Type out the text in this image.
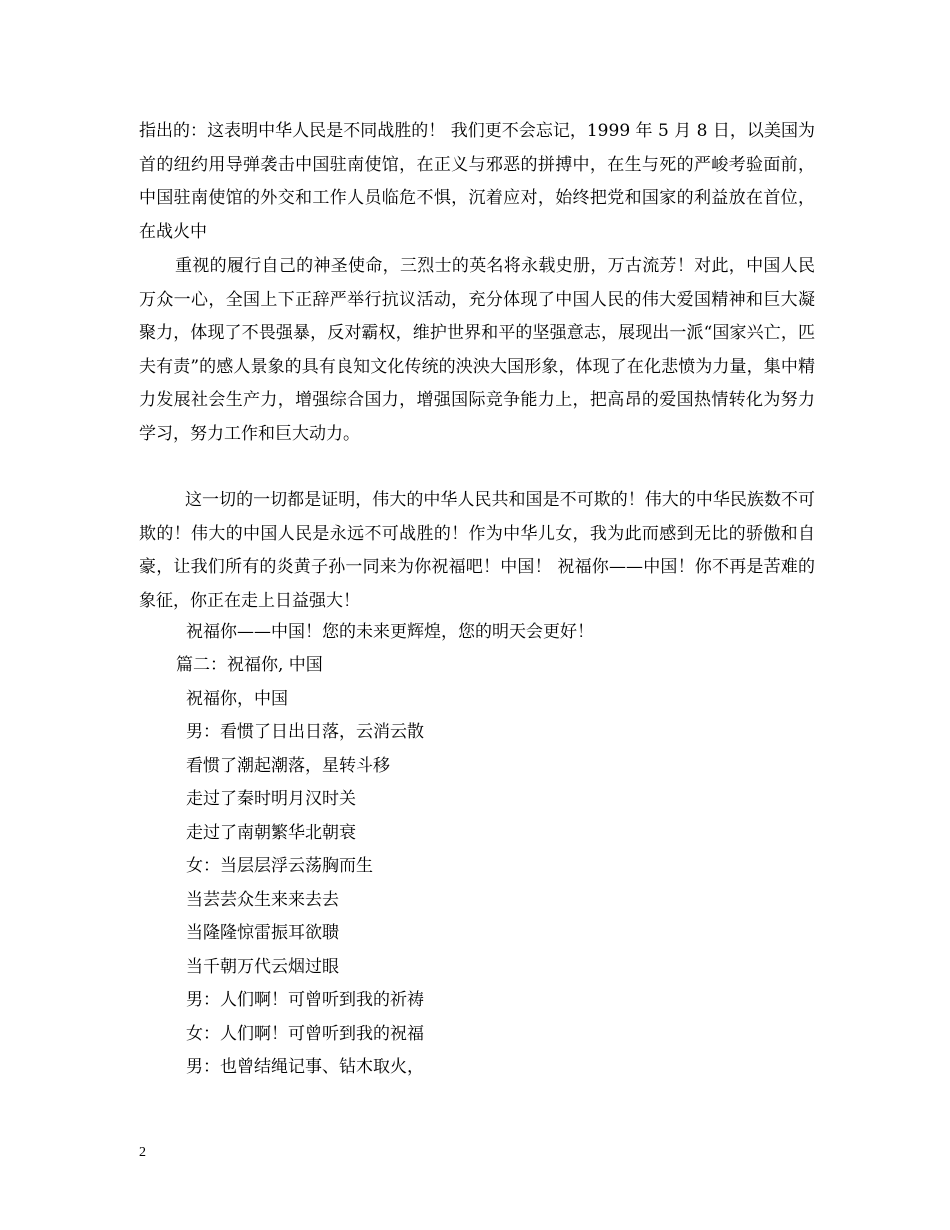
指出的：这表明中华人民是不同战胜的！ 我们更不会忘记，1999 年 5 月 8 日，以美国为首的纽约用导弹袭击中国驻南使馆，在正义与邪恶的拼搏中，在生与死的严峻考验面前，中国驻南使馆的外交和工作人员临危不惧，沉着应对，始终把党和国家的利益放在首位，在战火中

重视的履行自己的神圣使命，三烈士的英名将永载史册，万古流芳！对此，中国人民万众一心，全国上下正辞严举行抗议活动，充分体现了中国人民的伟大爱国精神和巨大凝聚力，体现了不畏强暴，反对霸权，维护世界和平的坚强意志，展现出一派“国家兴亡，匹夫有责”的感人景象的具有良知文化传统的泱泱大国形象，体现了在化悲愤为力量，集中精力发展社会生产力，增强综合国力，增强国际竞争能力上，把高昂的爱国热情转化为努力学习，努力工作和巨大动力。

这一切的一切都是证明，伟大的中华人民共和国是不可欺的！伟大的中华民族数不可欺的！伟大的中国人民是永远不可战胜的！作为中华儿女，我为此而感到无比的骄傲和自豪，让我们所有的炎黄子孙一同来为你祝福吧！中国！ 祝福你——中国！你不再是苦难的象征，你正在走上日益强大！

祝福你——中国！您的未来更辉煌，您的明天会更好！

篇二：祝福你, 中国

祝福你，中国

男：看惯了日出日落，云消云散

看惯了潮起潮落，星转斗移

走过了秦时明月汉时关

走过了南朝繁华北朝衰

女：当层层浮云荡胸而生

当芸芸众生来来去去

当隆隆惊雷振耳欲聩

当千朝万代云烟过眼

男：人们啊！可曾听到我的祈祷

女：人们啊！可曾听到我的祝福

男：也曾结绳记事、钻木取火，

2
